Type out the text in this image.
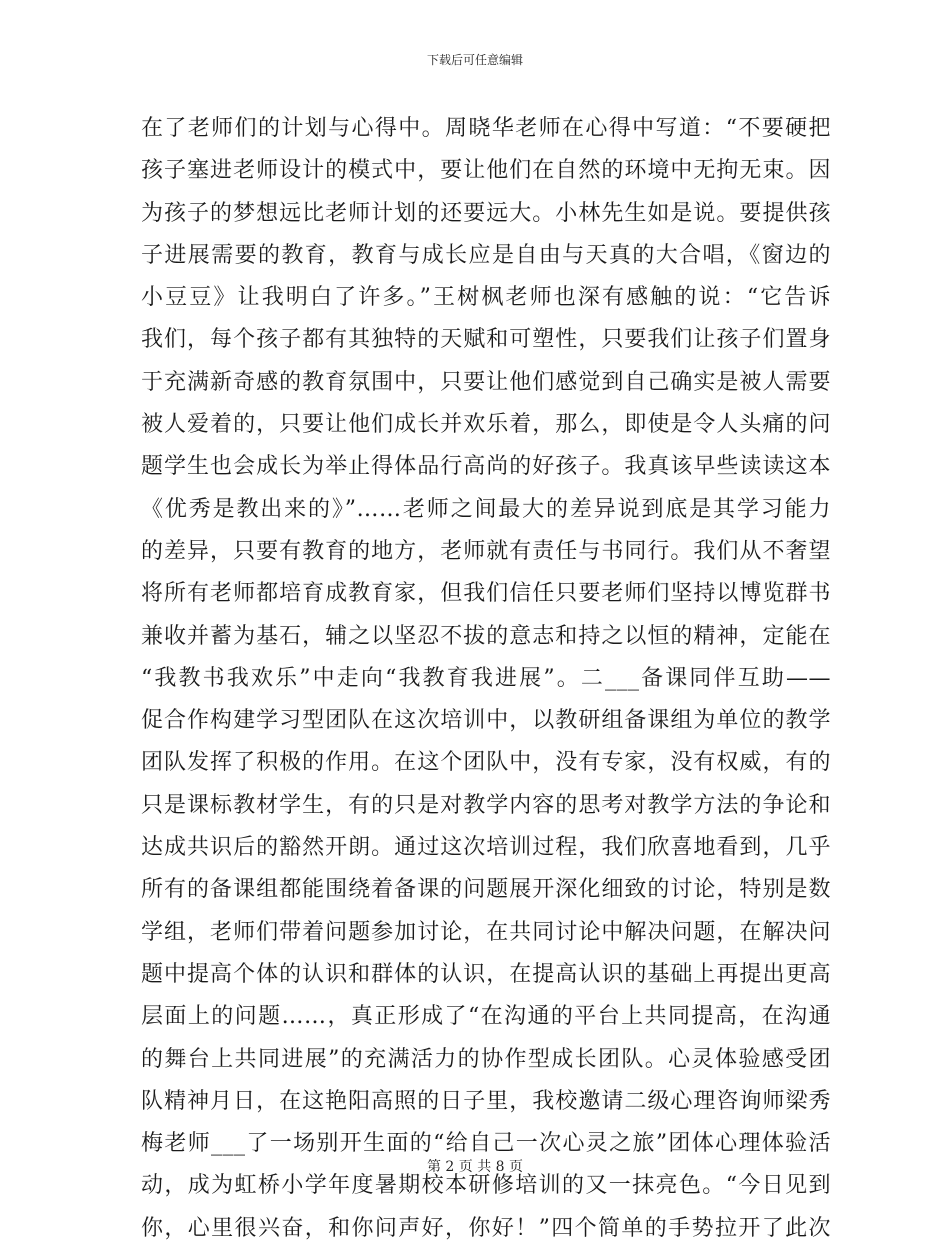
下载后可任意编辑
在了老师们的计划与心得中。周晓华老师在心得中写道：“不要硬把
孩子塞进老师设计的模式中，要让他们在自然的环境中无拘无束。因
为孩子的梦想远比老师计划的还要远大。小林先生如是说。要提供孩
子进展需要的教育，教育与成长应是自由与天真的大合唱，《窗边的
小豆豆》让我明白了许多。”王树枫老师也深有感触的说：“它告诉
我们，每个孩子都有其独特的天赋和可塑性，只要我们让孩子们置身
于充满新奇感的教育氛围中，只要让他们感觉到自己确实是被人需要
被人爱着的，只要让他们成长并欢乐着，那么，即使是令人头痛的问
题学生也会成长为举止得体品行高尚的好孩子。我真该早些读读这本
《优秀是教出来的》”……老师之间最大的差异说到底是其学习能力
的差异，只要有教育的地方，老师就有责任与书同行。我们从不奢望
将所有老师都培育成教育家，但我们信任只要老师们坚持以博览群书
兼收并蓄为基石，辅之以坚忍不拔的意志和持之以恒的精神，定能在
“我教书我欢乐”中走向“我教育我进展”。二___备课同伴互助——
促合作构建学习型团队在这次培训中，以教研组备课组为单位的教学
团队发挥了积极的作用。在这个团队中，没有专家，没有权威，有的
只是课标教材学生，有的只是对教学内容的思考对教学方法的争论和
达成共识后的豁然开朗。通过这次培训过程，我们欣喜地看到，几乎
所有的备课组都能围绕着备课的问题展开深化细致的讨论，特别是数
学组，老师们带着问题参加讨论，在共同讨论中解决问题，在解决问
题中提高个体的认识和群体的认识，在提高认识的基础上再提出更高
层面上的问题……，真正形成了“在沟通的平台上共同提高，在沟通
的舞台上共同进展”的充满活力的协作型成长团队。心灵体验感受团
队精神月日，在这艳阳高照的日子里，我校邀请二级心理咨询师梁秀
梅老师___了一场别开生面的“给自己一次心灵之旅”团体心理体验活
动，成为虹桥小学年度暑期校本研修培训的又一抹亮色。“今日见到
你，心里很兴奋，和你问声好，你好！”四个简单的手势拉开了此次
第 2 页 共 8 页
